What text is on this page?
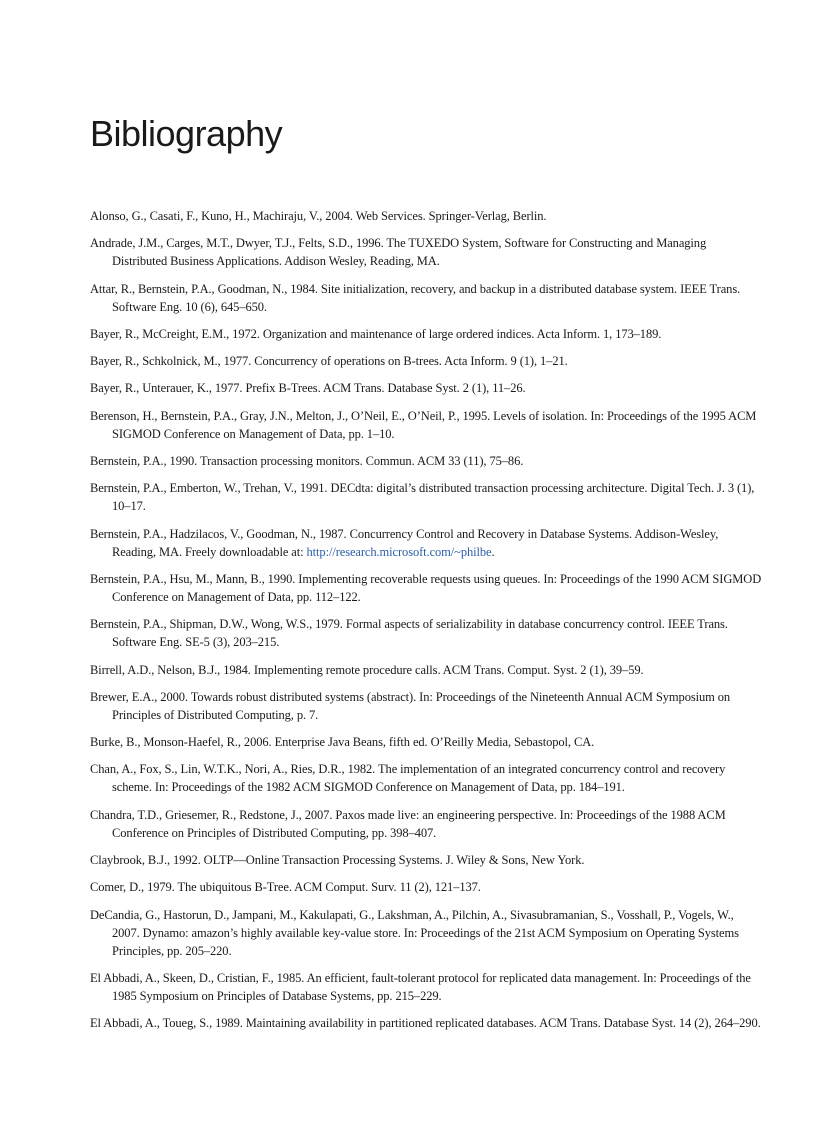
Bibliography
Alonso, G., Casati, F., Kuno, H., Machiraju, V., 2004. Web Services. Springer-Verlag, Berlin.
Andrade, J.M., Carges, M.T., Dwyer, T.J., Felts, S.D., 1996. The TUXEDO System, Software for Constructing and Managing Distributed Business Applications. Addison Wesley, Reading, MA.
Attar, R., Bernstein, P.A., Goodman, N., 1984. Site initialization, recovery, and backup in a distributed database system. IEEE Trans. Software Eng. 10 (6), 645–650.
Bayer, R., McCreight, E.M., 1972. Organization and maintenance of large ordered indices. Acta Inform. 1, 173–189.
Bayer, R., Schkolnick, M., 1977. Concurrency of operations on B-trees. Acta Inform. 9 (1), 1–21.
Bayer, R., Unterauer, K., 1977. Prefix B-Trees. ACM Trans. Database Syst. 2 (1), 11–26.
Berenson, H., Bernstein, P.A., Gray, J.N., Melton, J., O’Neil, E., O’Neil, P., 1995. Levels of isolation. In: Proceedings of the 1995 ACM SIGMOD Conference on Management of Data, pp. 1–10.
Bernstein, P.A., 1990. Transaction processing monitors. Commun. ACM 33 (11), 75–86.
Bernstein, P.A., Emberton, W., Trehan, V., 1991. DECdta: digital’s distributed transaction processing architecture. Digital Tech. J. 3 (1), 10–17.
Bernstein, P.A., Hadzilacos, V., Goodman, N., 1987. Concurrency Control and Recovery in Database Systems. Addison-Wesley, Reading, MA. Freely downloadable at: http://research.microsoft.com/~philbe.
Bernstein, P.A., Hsu, M., Mann, B., 1990. Implementing recoverable requests using queues. In: Proceedings of the 1990 ACM SIGMOD Conference on Management of Data, pp. 112–122.
Bernstein, P.A., Shipman, D.W., Wong, W.S., 1979. Formal aspects of serializability in database concurrency control. IEEE Trans. Software Eng. SE-5 (3), 203–215.
Birrell, A.D., Nelson, B.J., 1984. Implementing remote procedure calls. ACM Trans. Comput. Syst. 2 (1), 39–59.
Brewer, E.A., 2000. Towards robust distributed systems (abstract). In: Proceedings of the Nineteenth Annual ACM Symposium on Principles of Distributed Computing, p. 7.
Burke, B., Monson-Haefel, R., 2006. Enterprise Java Beans, fifth ed. O’Reilly Media, Sebastopol, CA.
Chan, A., Fox, S., Lin, W.T.K., Nori, A., Ries, D.R., 1982. The implementation of an integrated concurrency control and recovery scheme. In: Proceedings of the 1982 ACM SIGMOD Conference on Management of Data, pp. 184–191.
Chandra, T.D., Griesemer, R., Redstone, J., 2007. Paxos made live: an engineering perspective. In: Proceedings of the 1988 ACM Conference on Principles of Distributed Computing, pp. 398–407.
Claybrook, B.J., 1992. OLTP—Online Transaction Processing Systems. J. Wiley & Sons, New York.
Comer, D., 1979. The ubiquitous B-Tree. ACM Comput. Surv. 11 (2), 121–137.
DeCandia, G., Hastorun, D., Jampani, M., Kakulapati, G., Lakshman, A., Pilchin, A., Sivasubramanian, S., Vosshall, P., Vogels, W., 2007. Dynamo: amazon’s highly available key-value store. In: Proceedings of the 21st ACM Symposium on Operating Systems Principles, pp. 205–220.
El Abbadi, A., Skeen, D., Cristian, F., 1985. An efficient, fault-tolerant protocol for replicated data management. In: Proceedings of the 1985 Symposium on Principles of Database Systems, pp. 215–229.
El Abbadi, A., Toueg, S., 1989. Maintaining availability in partitioned replicated databases. ACM Trans. Database Syst. 14 (2), 264–290.
